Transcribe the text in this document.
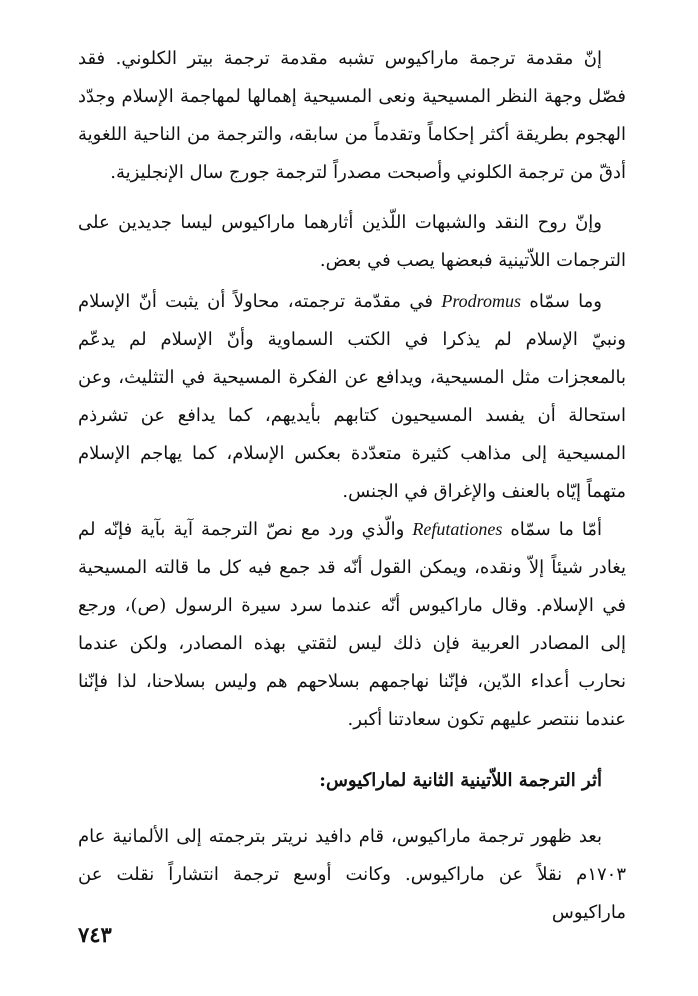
إنّ مقدمة ترجمة ماراكيوس تشبه مقدمة ترجمة بيتر الكلوني. فقد فصّل وجهة النظر المسيحية ونعى المسيحية إهمالها لمهاجمة الإسلام وجدّد الهجوم بطريقة أكثر إحكاماً وتقدماً من سابقه، والترجمة من الناحية اللغوية أدقّ من ترجمة الكلوني وأصبحت مصدراً لترجمة جورج سال الإنجليزية.

وإنّ روح النقد والشبهات اللّذين أثارهما ماراكيوس ليسا جديدين على الترجمات اللاّتينية فبعضها يصب في بعض.

وما سمّاه Prodromus في مقدّمة ترجمته، محاولاً أن يثبت أنّ الإسلام ونبيّ الإسلام لم يذكرا في الكتب السماوية وأنّ الإسلام لم يدعّم بالمعجزات مثل المسيحية، ويدافع عن الفكرة المسيحية في التثليث، وعن استحالة أن يفسد المسيحيون كتابهم بأيديهم، كما يدافع عن تشرذم المسيحية إلى مذاهب كثيرة متعدّدة بعكس الإسلام، كما يهاجم الإسلام متهماً إيّاه بالعنف والإغراق في الجنس.

أمّا ما سمّاه Refutationes والّذي ورد مع نصّ الترجمة آية بآية فإنّه لم يغادر شيئاً إلاّ ونقده، ويمكن القول أنّه قد جمع فيه كل ما قالته المسيحية في الإسلام. وقال ماراكيوس أنّه عندما سرد سيرة الرسول (ص)، ورجع إلى المصادر العربية فإن ذلك ليس لثقتي بهذه المصادر، ولكن عندما نحارب أعداء الدّين، فإنّنا نهاجمهم بسلاحهم هم وليس بسلاحنا، لذا فإنّنا عندما ننتصر عليهم تكون سعادتنا أكبر.

أثر الترجمة اللاّتينية الثانية لماراكيوس:

بعد ظهور ترجمة ماراكيوس، قام دافيد نريتر بترجمته إلى الألمانية عام ١٧٠٣م نقلاً عن ماراكيوس. وكانت أوسع ترجمة انتشاراً نقلت عن ماراكيوس

٧٤٣
